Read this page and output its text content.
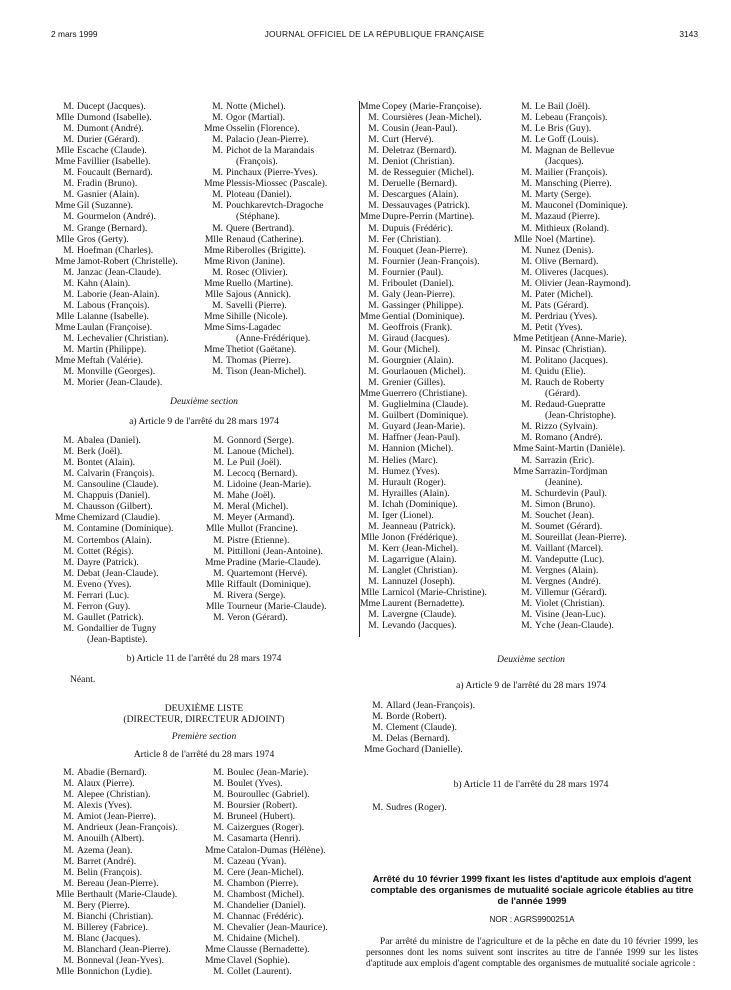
2 mars 1999	JOURNAL OFFICIEL DE LA RÉPUBLIQUE FRANÇAISE	3143
M. Ducept (Jacques).
Mlle Dumond (Isabelle).
M. Dumont (André).
M. Durier (Gérard).
Mlle Escache (Claude).
Mme Favillier (Isabelle).
M. Foucault (Bernard).
M. Fradin (Bruno).
M. Gasnier (Alain).
Mme Gil (Suzanne).
M. Gourmelon (André).
M. Grange (Bernard).
Mlle Gros (Gerty).
M. Hoefman (Charles).
Mme Jamot-Robert (Christelle).
M. Janzac (Jean-Claude).
M. Kahn (Alain).
M. Laborie (Jean-Alain).
M. Labous (François).
Mlle Lalanne (Isabelle).
Mme Laulan (Françoise).
M. Lechevalier (Christian).
M. Martin (Philippe).
Mme Meftah (Valérie).
M. Monville (Georges).
M. Morier (Jean-Claude).
M. Notte (Michel).
M. Ogor (Martial).
Mme Osselin (Florence).
M. Palacio (Jean-Pierre).
M. Pichot de la Marandais
(François).
M. Pinchaux (Pierre-Yves).
Mme Plessis-Miossec (Pascale).
M. Ploteau (Daniel).
M. Pouchkarevtch-Dragoche
(Stéphane).
M. Quere (Bertrand).
Mlle Renaud (Catherine).
Mme Riberolles (Brigitte).
Mme Rivon (Janine).
M. Rosec (Olivier).
Mme Ruello (Martine).
Mlle Sajous (Annick).
M. Savelli (Pierre).
Mme Sihille (Nicole).
Mme Sims-Lagadec
(Anne-Frédérique).
Mme Thetiot (Gaëtane).
M. Thomas (Pierre).
M. Tison (Jean-Michel).
Deuxième section
a) Article 9 de l'arrêté du 28 mars 1974
M. Abalea (Daniel).
M. Berk (Joël).
M. Bontet (Alain).
M. Calvarin (François).
M. Cansouline (Claude).
M. Chappuis (Daniel).
M. Chausson (Gilbert).
Mme Chemizard (Claudie).
M. Contamine (Dominique).
M. Cortembos (Alain).
M. Cottet (Régis).
M. Dayre (Patrick).
M. Debat (Jean-Claude).
M. Eveno (Yves).
M. Ferrari (Luc).
M. Ferron (Guy).
M. Gaullet (Patrick).
M. Gondallier de Tugny
(Jean-Baptiste).
M. Gonnord (Serge).
M. Lanoue (Michel).
M. Le Puil (Joël).
M. Lecocq (Bernard).
M. Lidoine (Jean-Marie).
M. Mahe (Joël).
M. Meral (Michel).
M. Meyer (Armand).
Mlle Mullot (Francine).
M. Pistre (Etienne).
M. Pittilloni (Jean-Antoine).
Mme Pradine (Marie-Claude).
M. Quartemont (Hervé).
Mlle Riffault (Dominique).
M. Rivera (Serge).
Mlle Tourneur (Marie-Claude).
M. Veron (Gérard).
b) Article 11 de l'arrêté du 28 mars 1974
Néant.
DEUXIÈME LISTE
(DIRECTEUR, DIRECTEUR ADJOINT)
Première section
Article 8 de l'arrêté du 28 mars 1974
M. Abadie (Bernard).
M. Alaux (Pierre).
M. Alepee (Christian).
M. Alexis (Yves).
M. Amiot (Jean-Pierre).
M. Andrieux (Jean-François).
M. Anouilh (Albert).
M. Azema (Jean).
M. Barret (André).
M. Belin (François).
M. Bereau (Jean-Pierre).
Mlle Berthault (Marie-Claude).
M. Bery (Pierre).
M. Bianchi (Christian).
M. Billerey (Fabrice).
M. Blanc (Jacques).
M. Blanchard (Jean-Pierre).
M. Bonneval (Jean-Yves).
Mlle Bonnichon (Lydie).
M. Boulec (Jean-Marie).
M. Boulet (Yves).
M. Bouroullec (Gabriel).
M. Boursier (Robert).
M. Bruneel (Hubert).
M. Caizergues (Roger).
M. Casamarta (Henri).
Mme Catalon-Dumas (Hélène).
M. Cazeau (Yvan).
M. Cere (Jean-Michel).
M. Chambon (Pierre).
M. Chambost (Michel).
M. Chandelier (Daniel).
M. Channac (Frédéric).
M. Chevalier (Jean-Maurice).
M. Chidaine (Michel).
Mme Clausse (Bernadette).
Mme Clavel (Sophie).
M. Collet (Laurent).
Mme Copey (Marie-Françoise).
M. Coursières (Jean-Michel).
M. Cousin (Jean-Paul).
M. Curt (Hervé).
M. Deletraz (Bernard).
M. Deniot (Christian).
M. de Resseguier (Michel).
M. Deruelle (Bernard).
M. Descargues (Alain).
M. Dessauvages (Patrick).
Mme Dupre-Perrin (Martine).
M. Dupuis (Frédéric).
M. Fer (Christian).
M. Fouquet (Jean-Pierre).
M. Fournier (Jean-François).
M. Fournier (Paul).
M. Friboulet (Daniel).
M. Galy (Jean-Pierre).
M. Gassinger (Philippe).
Mme Gential (Dominique).
M. Geoffrois (Frank).
M. Giraud (Jacques).
M. Gour (Michel).
M. Gourgnier (Alain).
M. Gourlaouen (Michel).
M. Grenier (Gilles).
Mme Guerrero (Christiane).
M. Guglielmina (Claude).
M. Guilbert (Dominique).
M. Guyard (Jean-Marie).
M. Haffner (Jean-Paul).
M. Hannion (Michel).
M. Helies (Marc).
M. Humez (Yves).
M. Hurault (Roger).
M. Hyrailles (Alain).
M. Ichah (Dominique).
M. Iger (Lionel).
M. Jeanneau (Patrick).
Mlle Jonon (Frédérique).
M. Kerr (Jean-Michel).
M. Lagarrigue (Alain).
M. Langlet (Christian).
M. Lannuzel (Joseph).
Mlle Larnicol (Marie-Christine).
Mme Laurent (Bernadette).
M. Lavergne (Claude).
M. Levando (Jacques).
M. Le Bail (Joël).
M. Lebeau (François).
M. Le Bris (Guy).
M. Le Goff (Louis).
M. Magnan de Bellevue
(Jacques).
M. Mailier (François).
M. Mansching (Pierre).
M. Marty (Serge).
M. Mauconel (Dominique).
M. Mazaud (Pierre).
M. Mithieux (Roland).
Mlle Noel (Martine).
M. Nunez (Denis).
M. Olive (Bernard).
M. Oliveres (Jacques).
M. Olivier (Jean-Raymond).
M. Pater (Michel).
M. Pats (Gérard).
M. Perdriau (Yves).
M. Petit (Yves).
Mme Petitjean (Anne-Marie).
M. Pinsac (Christian).
M. Politano (Jacques).
M. Quidu (Elie).
M. Rauch de Roberty
(Gérard).
M. Redaud-Guepratte
(Jean-Christophe).
M. Rizzo (Sylvain).
M. Romano (André).
Mme Saint-Martin (Danièle).
M. Sarrazin (Eric).
Mme Sarrazin-Tordjman
(Jeanine).
M. Schurdevin (Paul).
M. Simon (Bruno).
M. Souchet (Jean).
M. Soumet (Gérard).
M. Soureillat (Jean-Pierre).
M. Vaillant (Marcel).
M. Vandeputte (Luc).
M. Vergnes (Alain).
M. Vergnes (André).
M. Villemur (Gérard).
M. Violet (Christian).
M. Visine (Jean-Luc).
M. Yche (Jean-Claude).
Deuxième section
a) Article 9 de l'arrêté du 28 mars 1974
M. Allard (Jean-François).
M. Borde (Robert).
M. Clement (Claude).
M. Delas (Bernard).
Mme Gochard (Danielle).
b) Article 11 de l'arrêté du 28 mars 1974
M. Sudres (Roger).
Arrêté du 10 février 1999 fixant les listes d'aptitude aux emplois d'agent comptable des organismes de mutualité sociale agricole établies au titre de l'année 1999
NOR : AGRS9900251A
Par arrêté du ministre de l'agriculture et de la pêche en date du 10 février 1999, les personnes dont les noms suivent sont inscrites au titre de l'année 1999 sur les listes d'aptitude aux emplois d'agent comptable des organismes de mutualité sociale agricole :
